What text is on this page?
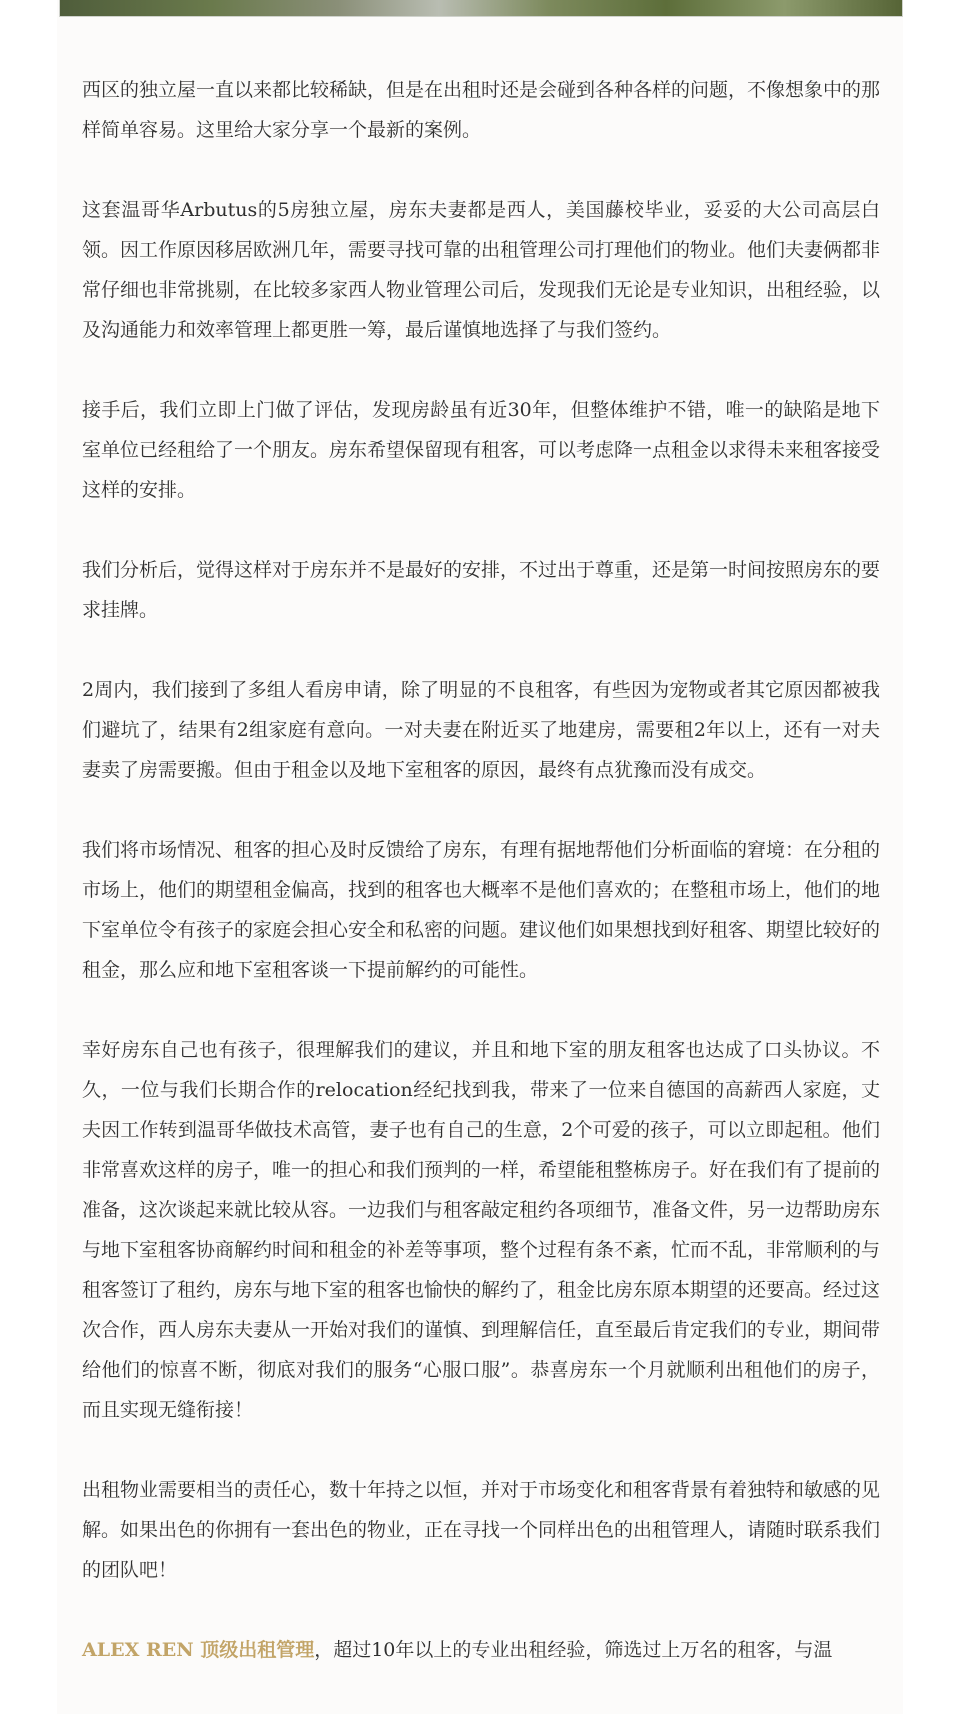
西区的独立屋一直以来都比较稀缺，但是在出租时还是会碰到各种各样的问题，不像想象中的那样简单容易。这里给大家分享一个最新的案例。

这套温哥华Arbutus的5房独立屋，房东夫妻都是西人，美国藤校毕业，妥妥的大公司高层白领。因工作原因移居欧洲几年，需要寻找可靠的出租管理公司打理他们的物业。他们夫妻俩都非常仔细也非常挑剔，在比较多家西人物业管理公司后，发现我们无论是专业知识，出租经验，以及沟通能力和效率管理上都更胜一筹，最后谨慎地选择了与我们签约。

接手后，我们立即上门做了评估，发现房龄虽有近30年，但整体维护不错，唯一的缺陷是地下室单位已经租给了一个朋友。房东希望保留现有租客，可以考虑降一点租金以求得未来租客接受这样的安排。

我们分析后，觉得这样对于房东并不是最好的安排，不过出于尊重，还是第一时间按照房东的要求挂牌。

2周内，我们接到了多组人看房申请，除了明显的不良租客，有些因为宠物或者其它原因都被我们避坑了，结果有2组家庭有意向。一对夫妻在附近买了地建房，需要租2年以上，还有一对夫妻卖了房需要搬。但由于租金以及地下室租客的原因，最终有点犹豫而没有成交。

我们将市场情况、租客的担心及时反馈给了房东，有理有据地帮他们分析面临的窘境：在分租的市场上，他们的期望租金偏高，找到的租客也大概率不是他们喜欢的；在整租市场上，他们的地下室单位令有孩子的家庭会担心安全和私密的问题。建议他们如果想找到好租客、期望比较好的租金，那么应和地下室租客谈一下提前解约的可能性。

幸好房东自己也有孩子，很理解我们的建议，并且和地下室的朋友租客也达成了口头协议。不久，一位与我们长期合作的relocation经纪找到我，带来了一位来自德国的高薪西人家庭，丈夫因工作转到温哥华做技术高管，妻子也有自己的生意，2个可爱的孩子，可以立即起租。他们非常喜欢这样的房子，唯一的担心和我们预判的一样，希望能租整栋房子。好在我们有了提前的准备，这次谈起来就比较从容。一边我们与租客敲定租约各项细节，准备文件，另一边帮助房东与地下室租客协商解约时间和租金的补差等事项，整个过程有条不紊，忙而不乱，非常顺利的与租客签订了租约，房东与地下室的租客也愉快的解约了，租金比房东原本期望的还要高。经过这次合作，西人房东夫妻从一开始对我们的谨慎、到理解信任，直至最后肯定我们的专业，期间带给他们的惊喜不断，彻底对我们的服务“心服口服”。恭喜房东一个月就顺利出租他们的房子，而且实现无缝衔接！

出租物业需要相当的责任心，数十年持之以恒，并对于市场变化和租客背景有着独特和敏感的见解。如果出色的你拥有一套出色的物业，正在寻找一个同样出色的出租管理人，请随时联系我们的团队吧！

ALEX REN 顶级出租管理，超过10年以上的专业出租经验，筛选过上万名的租客，与温
